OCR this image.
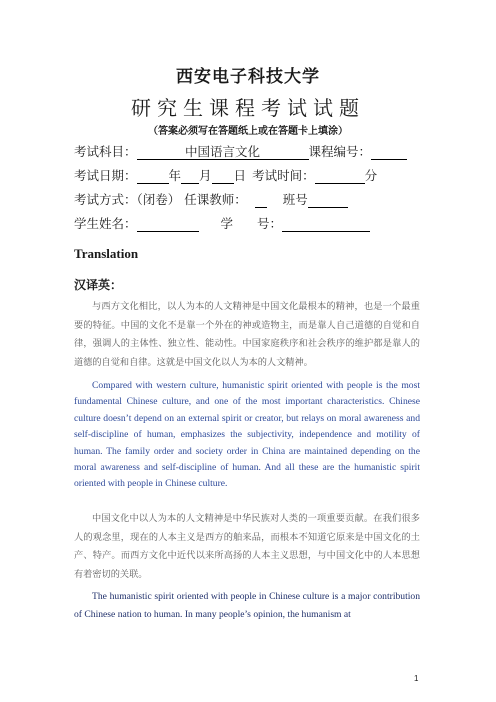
西安电子科技大学
研究生课程考试试题
（答案必须写在答题纸上或在答题卡上填涂）
考试科目：	中国语言文化	课程编号：
考试日期：	年 月 日 考试时间：	分
考试方式：（闭卷） 任课教师：	班号
学生姓名：	学 号：
Translation
汉译英：
与西方文化相比，以人为本的人文精神是中国文化最根本的精神，也是一个最重要的特征。中国的文化不是靠一个外在的神或造物主，而是靠人自己道德的自觉和自律，强调人的主体性、独立性、能动性。中国家庭秩序和社会秩序的维护都是靠人的道德的自觉和自律。这就是中国文化以人为本的人文精神。
Compared with western culture, humanistic spirit oriented with people is the most fundamental Chinese culture, and one of the most important characteristics. Chinese culture doesn’t depend on an external spirit or creator, but relays on moral awareness and self-discipline of human, emphasizes the subjectivity, independence and motility of human. The family order and society order in China are maintained depending on the moral awareness and self-discipline of human. And all these are the humanistic spirit oriented with people in Chinese culture.
中国文化中以人为本的人文精神是中华民族对人类的一项重要贡献。在我们很多人的观念里，现在的人本主义是西方的舶来品，而根本不知道它原来是中国文化的土产、特产。而西方文化中近代以来所高扬的人本主义思想，与中国文化中的人本思想有着密切的关联。
The humanistic spirit oriented with people in Chinese culture is a major contribution of Chinese nation to human. In many people’s opinion, the humanism at
1
